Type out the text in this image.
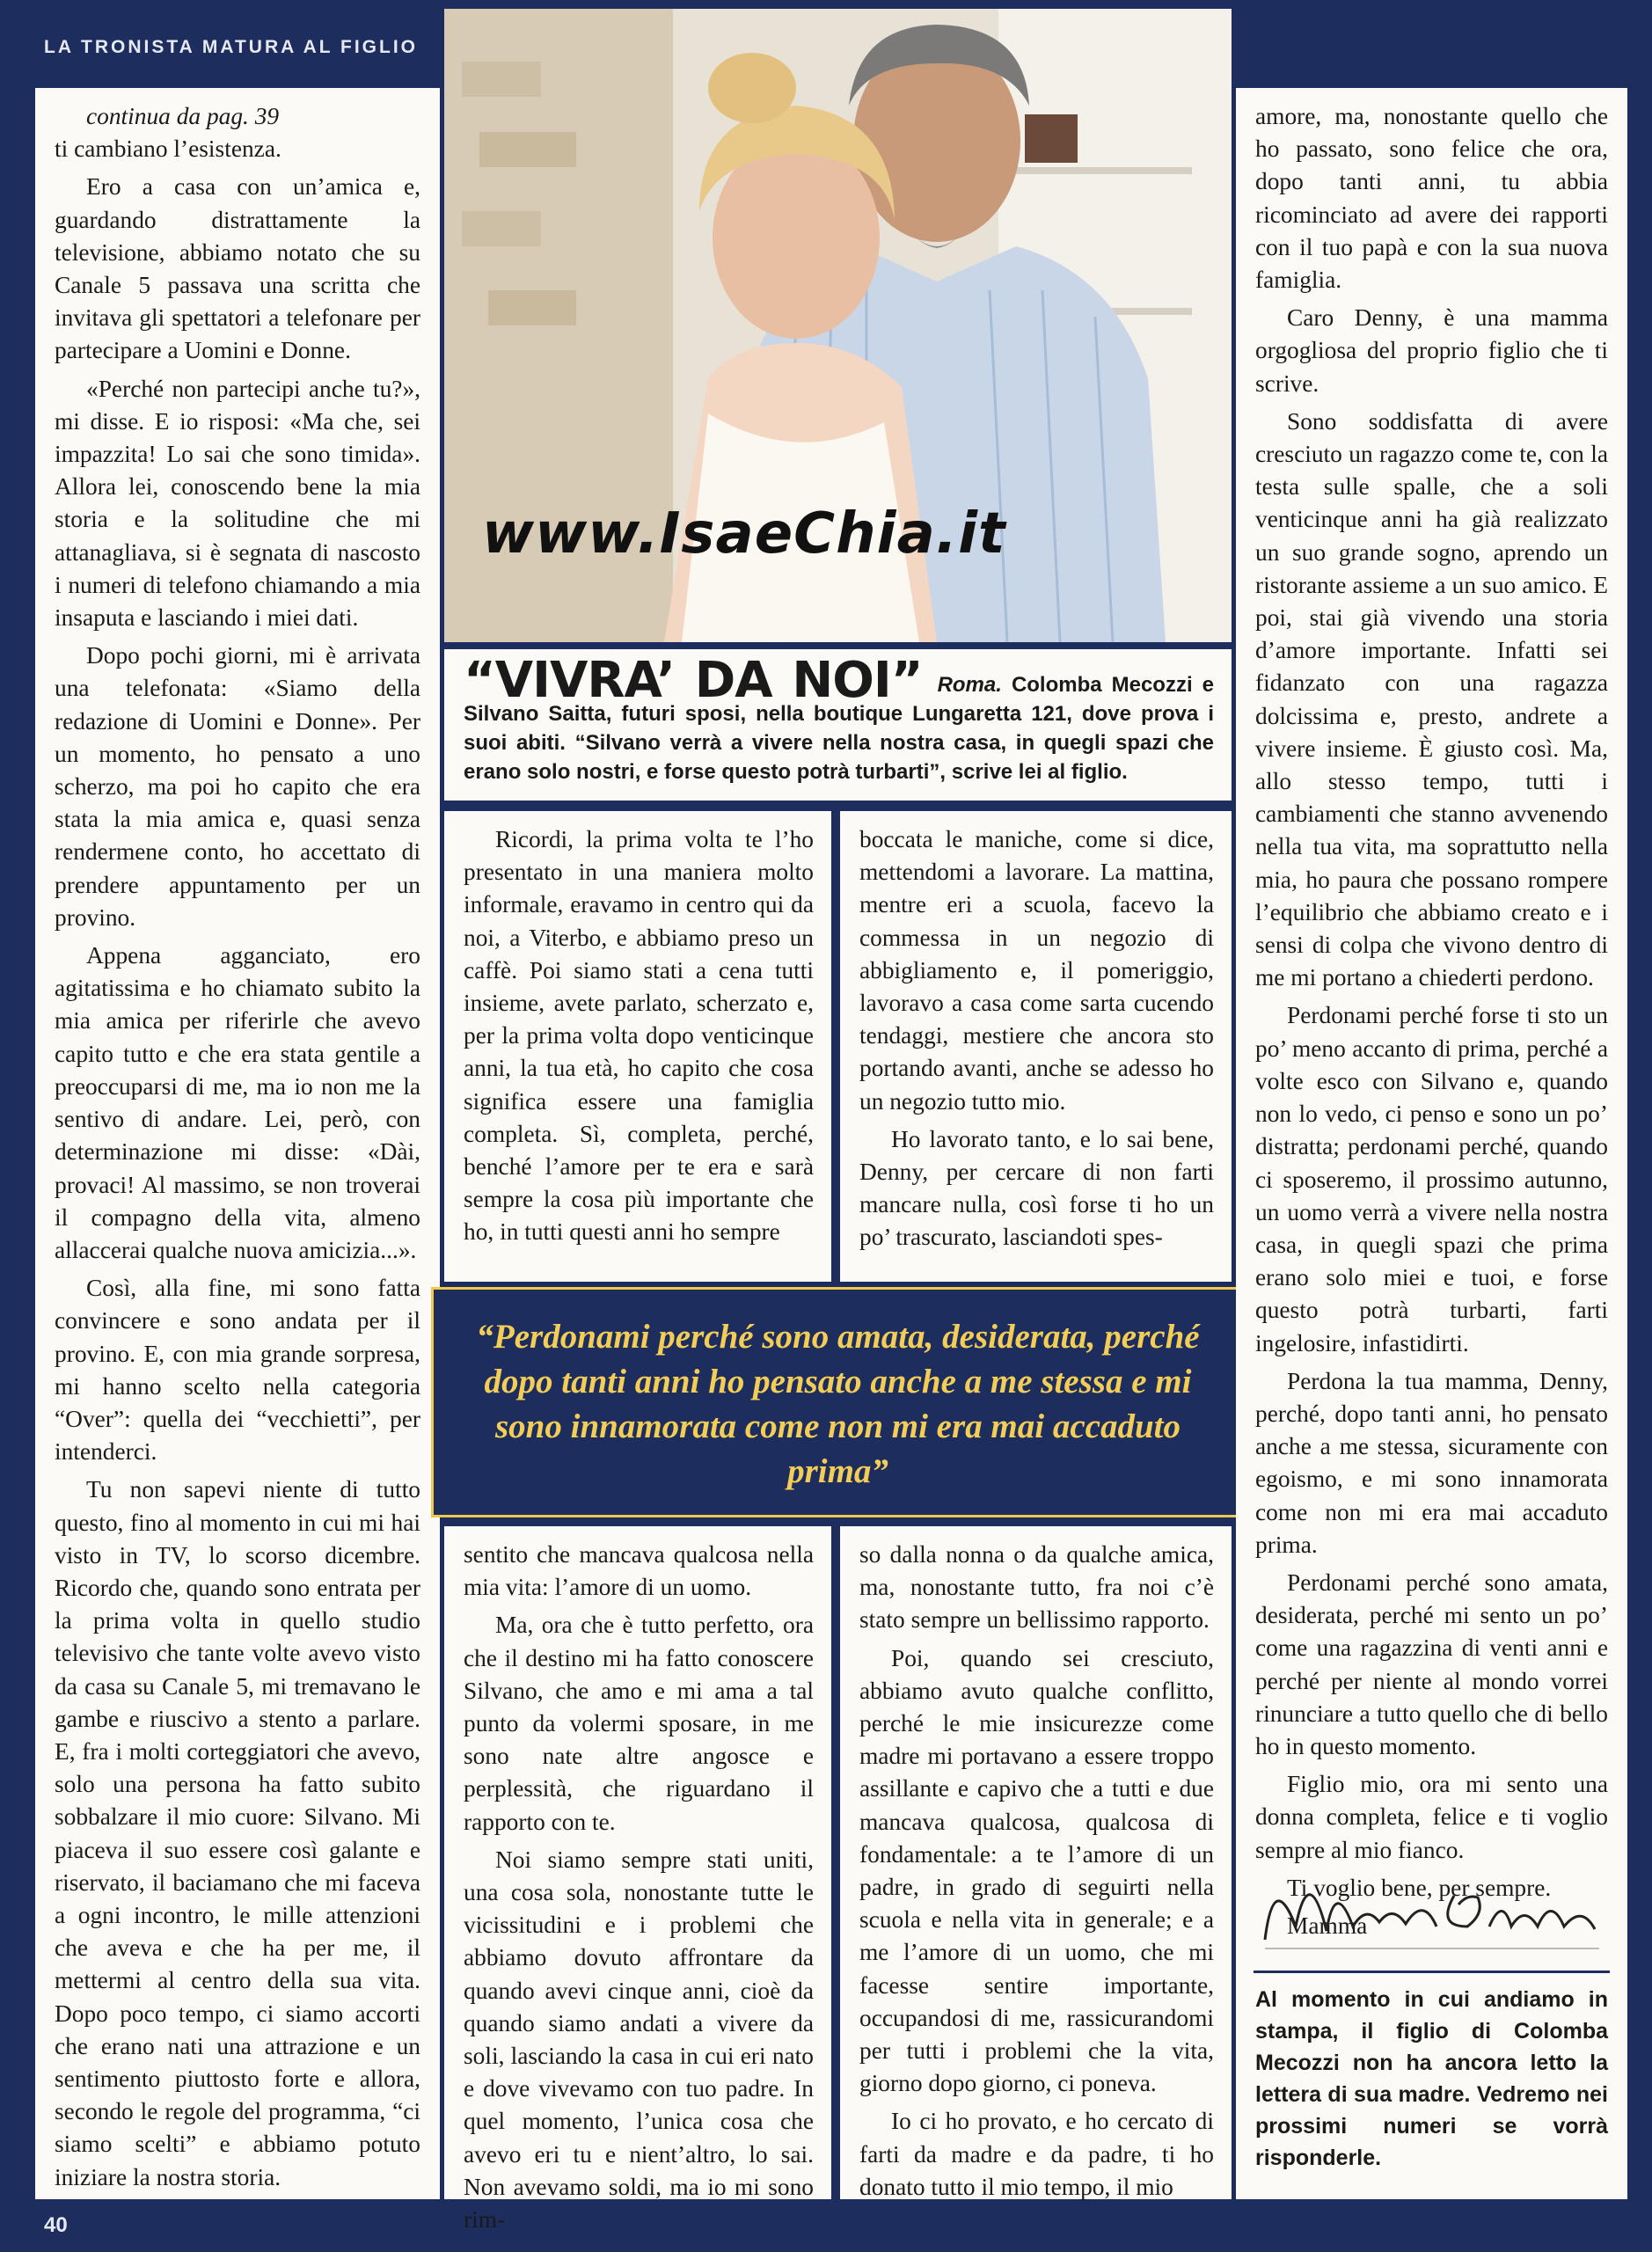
LA TRONISTA MATURA AL FIGLIO

continua da pag. 39

ti cambiano l’esistenza.

Ero a casa con un’amica e, guardando distrattamente la televisione, abbiamo notato che su Canale 5 passava una scritta che invitava gli spettatori a telefonare per partecipare a Uomini e Donne.

«Perché non partecipi anche tu?», mi disse. E io risposi: «Ma che, sei impazzita! Lo sai che sono timida». Allora lei, conoscendo bene la mia storia e la solitudine che mi attanagliava, si è segnata di nascosto i numeri di telefono chiamando a mia insaputa e lasciando i miei dati.

Dopo pochi giorni, mi è arrivata una telefonata: «Siamo della redazione di Uomini e Donne». Per un momento, ho pensato a uno scherzo, ma poi ho capito che era stata la mia amica e, quasi senza rendermene conto, ho accettato di prendere appuntamento per un provino.

Appena agganciato, ero agitatissima e ho chiamato subito la mia amica per riferirle che avevo capito tutto e che era stata gentile a preoccuparsi di me, ma io non me la sentivo di andare. Lei, però, con determinazione mi disse: «Dài, provaci! Al massimo, se non troverai il compagno della vita, almeno allaccerai qualche nuova amicizia...».

Così, alla fine, mi sono fatta convincere e sono andata per il provino. E, con mia grande sorpresa, mi hanno scelto nella categoria “Over”: quella dei “vecchietti”, per intenderci.

Tu non sapevi niente di tutto questo, fino al momento in cui mi hai visto in TV, lo scorso dicembre. Ricordo che, quando sono entrata per la prima volta in quello studio televisivo che tante volte avevo visto da casa su Canale 5, mi tremavano le gambe e riuscivo a stento a parlare. E, fra i molti corteggiatori che avevo, solo una persona ha fatto subito sobbalzare il mio cuore: Silvano. Mi piaceva il suo essere così galante e riservato, il baciamano che mi faceva a ogni incontro, le mille attenzioni che aveva e che ha per me, il mettermi al centro della sua vita. Dopo poco tempo, ci siamo accorti che erano nati una attrazione e un sentimento piuttosto forte e allora, secondo le regole del programma, “ci siamo scelti” e abbiamo potuto iniziare la nostra storia.

www.IsaeChia.it
“VIVRA’ DA NOI” Roma. Colomba Mecozzi e Silvano Saitta, futuri sposi, nella boutique Lungaretta 121, dove prova i suoi abiti. “Silvano verrà a vivere nella nostra casa, in quegli spazi che erano solo nostri, e forse questo potrà turbarti”, scrive lei al figlio.

Ricordi, la prima volta te l’ho presentato in una maniera molto informale, eravamo in centro qui da noi, a Viterbo, e abbiamo preso un caffè. Poi siamo stati a cena tutti insieme, avete parlato, scherzato e, per la prima volta dopo venticinque anni, la tua età, ho capito che cosa significa essere una famiglia completa. Sì, completa, perché, benché l’amore per te era e sarà sempre la cosa più importante che ho, in tutti questi anni ho sempre

boccata le maniche, come si dice, mettendomi a lavorare. La mattina, mentre eri a scuola, facevo la commessa in un negozio di abbigliamento e, il pomeriggio, lavoravo a casa come sarta cucendo tendaggi, mestiere che ancora sto portando avanti, anche se adesso ho un negozio tutto mio.

Ho lavorato tanto, e lo sai bene, Denny, per cercare di non farti mancare nulla, così forse ti ho un po’ trascurato, lasciandoti spes-

“Perdonami perché sono amata, desiderata, perché dopo tanti anni ho pensato anche a me stessa e mi sono innamorata come non mi era mai accaduto prima”

sentito che mancava qualcosa nella mia vita: l’amore di un uomo.

Ma, ora che è tutto perfetto, ora che il destino mi ha fatto conoscere Silvano, che amo e mi ama a tal punto da volermi sposare, in me sono nate altre angosce e perplessità, che riguardano il rapporto con te.

Noi siamo sempre stati uniti, una cosa sola, nonostante tutte le vicissitudini e i problemi che abbiamo dovuto affrontare da quando avevi cinque anni, cioè da quando siamo andati a vivere da soli, lasciando la casa in cui eri nato e dove vivevamo con tuo padre. In quel momento, l’unica cosa che avevo eri tu e nient’altro, lo sai. Non avevamo soldi, ma io mi sono rim-

so dalla nonna o da qualche amica, ma, nonostante tutto, fra noi c’è stato sempre un bellissimo rapporto.

Poi, quando sei cresciuto, abbiamo avuto qualche conflitto, perché le mie insicurezze come madre mi portavano a essere troppo assillante e capivo che a tutti e due mancava qualcosa, qualcosa di fondamentale: a te l’amore di un padre, in grado di seguirti nella scuola e nella vita in generale; e a me l’amore di un uomo, che mi facesse sentire importante, occupandosi di me, rassicurandomi per tutti i problemi che la vita, giorno dopo giorno, ci poneva.

Io ci ho provato, e ho cercato di farti da madre e da padre, ti ho donato tutto il mio tempo, il mio

amore, ma, nonostante quello che ho passato, sono felice che ora, dopo tanti anni, tu abbia ricominciato ad avere dei rapporti con il tuo papà e con la sua nuova famiglia.

Caro Denny, è una mamma orgogliosa del proprio figlio che ti scrive.

Sono soddisfatta di avere cresciuto un ragazzo come te, con la testa sulle spalle, che a soli venticinque anni ha già realizzato un suo grande sogno, aprendo un ristorante assieme a un suo amico. E poi, stai già vivendo una storia d’amore importante. Infatti sei fidanzato con una ragazza dolcissima e, presto, andrete a vivere insieme. È giusto così. Ma, allo stesso tempo, tutti i cambiamenti che stanno avvenendo nella tua vita, ma soprattutto nella mia, ho paura che possano rompere l’equilibrio che abbiamo creato e i sensi di colpa che vivono dentro di me mi portano a chiederti perdono.

Perdonami perché forse ti sto un po’ meno accanto di prima, perché a volte esco con Silvano e, quando non lo vedo, ci penso e sono un po’ distratta; perdonami perché, quando ci sposeremo, il prossimo autunno, un uomo verrà a vivere nella nostra casa, in quegli spazi che prima erano solo miei e tuoi, e forse questo potrà turbarti, farti ingelosire, infastidirti.

Perdona la tua mamma, Denny, perché, dopo tanti anni, ho pensato anche a me stessa, sicuramente con egoismo, e mi sono innamorata come non mi era mai accaduto prima.

Perdonami perché sono amata, desiderata, perché mi sento un po’ come una ragazzina di venti anni e perché per niente al mondo vorrei rinunciare a tutto quello che di bello ho in questo momento.

Figlio mio, ora mi sento una donna completa, felice e ti voglio sempre al mio fianco.

Ti voglio bene, per sempre.

Mamma

Al momento in cui andiamo in stampa, il figlio di Colomba Mecozzi non ha ancora letto la lettera di sua madre. Vedremo nei prossimi numeri se vorrà risponderle.
40
